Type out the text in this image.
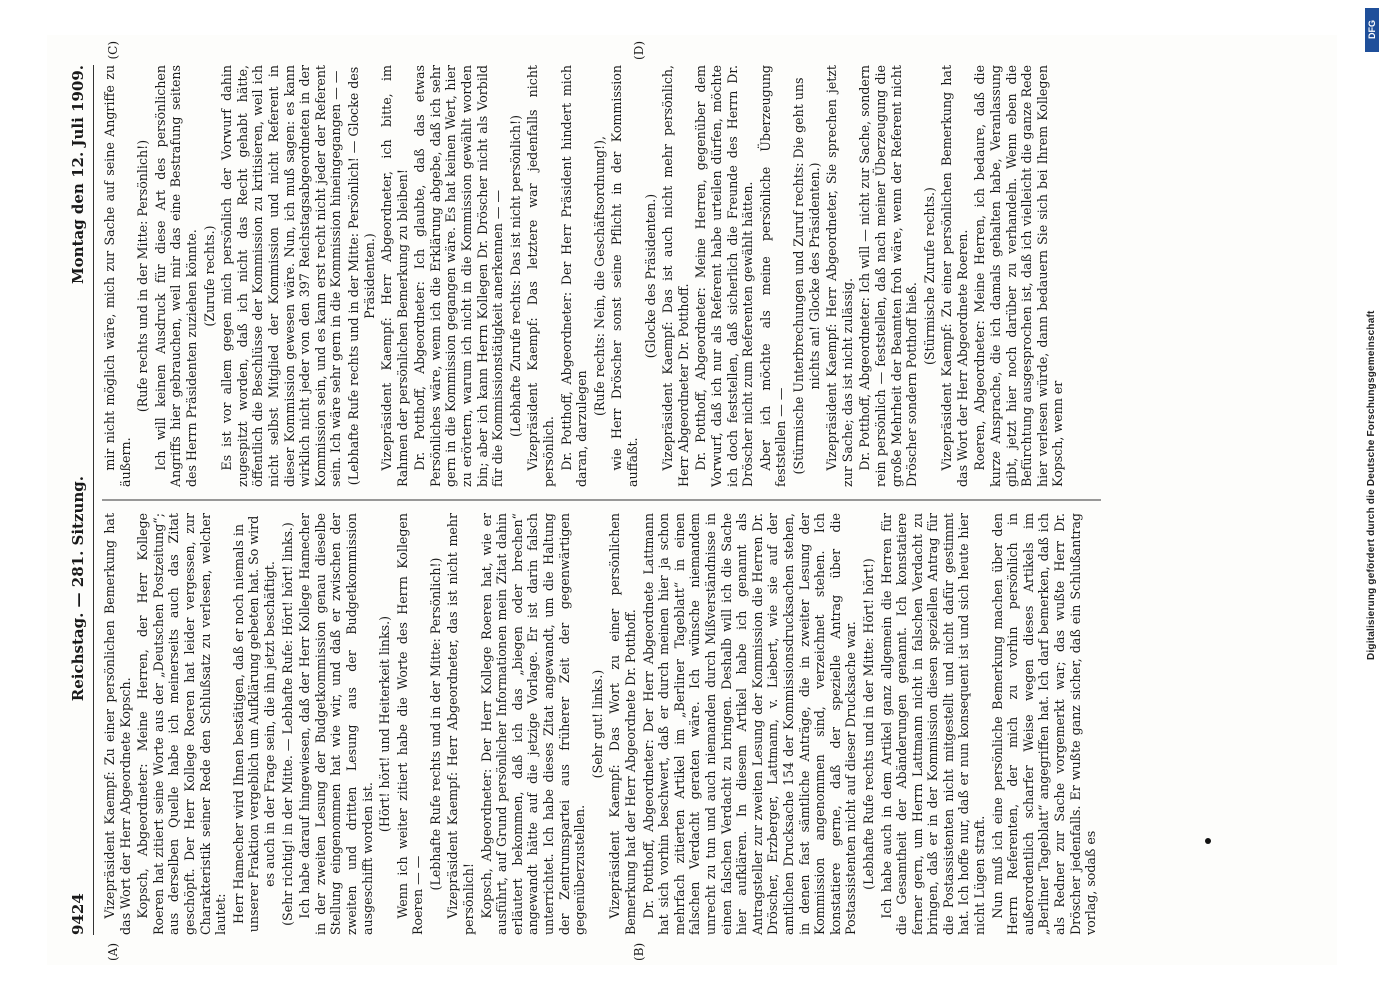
9424
Reichstag. — 281. Sitzung.
Montag den 12. Juli 1909.
(A)	(B)
(C)	(D)

Vizepräsident Kaempf: Zu einer persönlichen Bemerkung hat das Wort der Herr Abgeordnete Kopsch. Kopsch, Abgeordneter: Meine Herren, der Herr Kollege Roeren hat zitiert seine Worte aus der „Deutschen Postzeitung“; aus derselben Quelle habe ich meinerseits auch das Zitat geschöpft. Der Herr Kollege Roeren hat leider vergessen, zur Charakteristik seiner Rede den Schlußsatz zu verlesen, welcher lautet: Herr Hamecher wird Ihnen bestätigen, daß er noch niemals in unserer Fraktion vergeblich um Aufklärung gebeten hat. So wird es auch in der Frage sein, die ihn jetzt beschäftigt. (Sehr richtig! in der Mitte. — Lebhafte Rufe: Hört! hört! links.) Ich habe darauf hingewiesen, daß der Herr Kollege Hamecher in der zweiten Lesung der Budgetkommission genau dieselbe Stellung eingenommen hat wie wir, und daß er zwischen der zweiten und dritten Lesung aus der Budgetkommission ausgeschifft worden ist.

(Hört! hört! und Heiterkeit links.) Wenn ich weiter zitiert habe die Worte des Herrn Kollegen Roeren — —

(Lebhafte Rufe rechts und in der Mitte: Persönlich!) Vizepräsident Kaempf: Herr Abgeordneter, das ist nicht mehr persönlich! Kopsch, Abgeordneter: Der Herr Kollege Roeren hat, wie er ausführt, auf Grund persönlicher Informationen mein Zitat dahin erläutert bekommen, daß ich das „biegen oder brechen“ angewandt hätte auf die jetzige Vorlage. Er ist darin falsch unterrichtet. Ich habe dieses Zitat angewandt, um die Haltung der Zentrumspartei aus früherer Zeit der gegenwärtigen gegenüberzustellen.

(Sehr gut! links.) Vizepräsident Kaempf: Das Wort zu einer persönlichen Bemerkung hat der Herr Abgeordnete Dr. Potthoff. Dr. Potthoff, Abgeordneter: Der Herr Abgeordnete Lattmann hat sich vorhin beschwert, daß er durch meinen hier ja schon mehrfach zitierten Artikel im „Berliner Tageblatt“ in einen falschen Verdacht geraten wäre. Ich wünsche niemandem unrecht zu tun und auch niemanden durch Mißverständnisse in einen falschen Verdacht zu bringen. Deshalb will ich die Sache hier aufklären. In diesem Artikel habe ich genannt als Antragsteller zur zweiten Lesung der Kommission die Herren Dr. Dröscher, Erzberger, Lattmann, v. Liebert, wie sie auf der amtlichen Drucksache 154 der Kommissionsdrucksachen stehen, in denen fast sämtliche Anträge, die in zweiter Lesung der Kommission angenommen sind, verzeichnet stehen. Ich konstatiere gerne, daß der spezielle Antrag über die Postassistenten nicht auf dieser Drucksache war. (Lebhafte Rufe rechts und in der Mitte: Hört! hört!) Ich habe auch in dem Artikel ganz allgemein die Herren für die Gesamtheit der Abänderungen genannt. Ich konstatiere ferner gern, um Herrn Lattmann nicht in falschen Verdacht zu bringen, daß er in der Kommission diesen speziellen Antrag für die Postassistenten nicht mitgestellt und nicht dafür gestimmt hat. Ich hoffe nur, daß er nun konsequent ist und sich heute hier nicht Lügen straft. Nun muß ich eine persönliche Bemerkung machen über den Herrn Referenten, der mich zu vorhin persönlich in außerordentlich scharfer Weise wegen dieses Artikels im „Berliner Tageblatt“ angegriffen hat. Ich darf bemerken, daß ich als Redner zur Sache vorgemerkt war; das wußte Herr Dr. Dröscher jedenfalls. Er wußte ganz sicher, daß ein Schlußantrag vorlag, sodaß es

mir nicht möglich wäre, mich zur Sache auf seine Angriffe zu äußern.

(Rufe rechts und in der Mitte: Persönlich!) Ich will keinen Ausdruck für diese Art des persönlichen Angriffs hier gebrauchen, weil mir das eine Bestrafung seitens des Herrn Präsidenten zuziehen könnte. (Zurufe rechts.) Es ist vor allem gegen mich persönlich der Vorwurf dahin zugespitzt worden, daß ich nicht das Recht gehabt hätte, öffentlich die Beschlüsse der Kommission zu kritisieren, weil ich nicht selbst Mitglied der Kommission und nicht Referent in dieser Kommission gewesen wäre. Nun, ich muß sagen: es kann wirklich nicht jeder von den 397 Reichstagsabgeordneten in der Kommission sein, und es kann erst recht nicht jeder der Referent sein. Ich wäre sehr gern in die Kommission hineingegangen — — (Lebhafte Rufe rechts und in der Mitte: Persönlich! — Glocke des Präsidenten.) Vizepräsident Kaempf: Herr Abgeordneter, ich bitte, im Rahmen der persönlichen Bemerkung zu bleiben! Dr. Potthoff, Abgeordneter: Ich glaubte, daß das etwas Persönliches wäre, wenn ich die Erklärung abgebe, daß ich sehr gern in die Kommission gegangen wäre. Es hat keinen Wert, hier zu erörtern, warum ich nicht in die Kommission gewählt worden bin; aber ich kann Herrn Kollegen Dr. Dröscher nicht als Vorbild für die Kommissionstätigkeit anerkennen — — (Lebhafte Zurufe rechts: Das ist nicht persönlich!) Vizepräsident Kaempf: Das letztere war jedenfalls nicht persönlich. Dr. Potthoff, Abgeordneter: Der Herr Präsident hindert mich daran, darzulegen

(Rufe rechts: Nein, die Geschäftsordnung!), wie Herr Dröscher sonst seine Pflicht in der Kommission auffaßt.

(Glocke des Präsidenten.) Vizepräsident Kaempf: Das ist auch nicht mehr persönlich, Herr Abgeordneter Dr. Potthoff. Dr. Potthoff, Abgeordneter: Meine Herren, gegenüber dem Vorwurf, daß ich nur als Referent habe urteilen dürfen, möchte ich doch feststellen, daß sicherlich die Freunde des Herrn Dr. Dröscher nicht zum Referenten gewählt hätten. Aber ich möchte als meine persönliche Überzeugung feststellen — — (Stürmische Unterbrechungen und Zuruf rechts: Die geht uns nichts an! Glocke des Präsidenten.) Vizepräsident Kaempf: Herr Abgeordneter, Sie sprechen jetzt zur Sache; das ist nicht zulässig. Dr. Potthoff, Abgeordneter: Ich will — nicht zur Sache, sondern rein persönlich — feststellen, daß nach meiner Überzeugung die große Mehrheit der Beamten froh wäre, wenn der Referent nicht Dröscher sondern Potthoff hieß.

(Stürmische Zurufe rechts.) Vizepräsident Kaempf: Zu einer persönlichen Bemerkung hat das Wort der Herr Abgeordnete Roeren. Roeren, Abgeordneter: Meine Herren, ich bedaure, daß die kurze Ansprache, die ich damals gehalten habe, Veranlassung gibt, jetzt hier noch darüber zu verhandeln. Wenn eben die Befürchtung ausgesprochen ist, daß ich vielleicht die ganze Rede hier verlesen würde, dann bedauern Sie sich bei Ihrem Kollegen Kopsch, wenn er

DFG
Digitalisierung gefördert durch die Deutsche Forschungsgemeinschaft
